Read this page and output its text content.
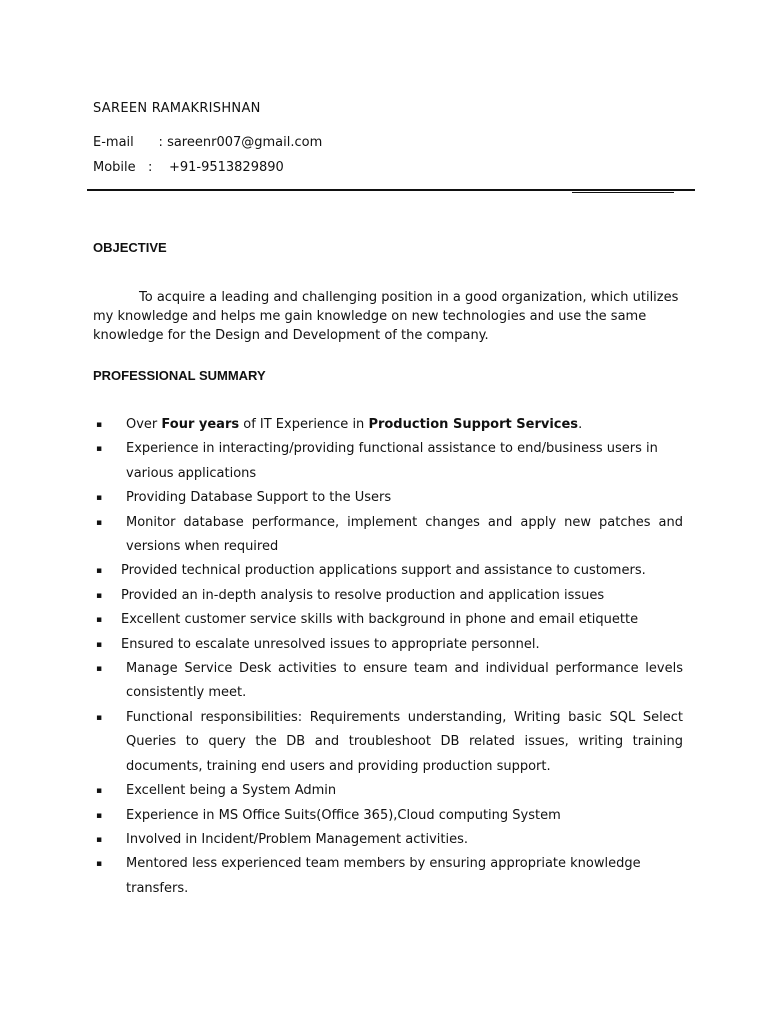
SAREEN RAMAKRISHNAN
E-mail      : sareenr007@gmail.com
Mobile   :    +91-9513829890
OBJECTIVE

To acquire a leading and challenging position in a good organization, which utilizes my knowledge and helps me gain knowledge on new technologies and use the same knowledge for the Design and Development of the company.

PROFESSIONAL SUMMARY
▪ Over Four years of IT Experience in Production Support Services.
▪ Experience in interacting/providing functional assistance to end/business users in various applications
▪ Providing Database Support to the Users
▪ Monitor database performance, implement changes and apply new patches and versions when required
▪ Provided technical production applications support and assistance to customers.
▪ Provided an in-depth analysis to resolve production and application issues
▪ Excellent customer service skills with background in phone and email etiquette
▪ Ensured to escalate unresolved issues to appropriate personnel.
▪ Manage Service Desk activities to ensure team and individual performance levels consistently meet.
▪ Functional responsibilities: Requirements understanding, Writing basic SQL Select Queries to query the DB and troubleshoot DB related issues, writing training documents, training end users and providing production support.
▪ Excellent being a System Admin
▪ Experience in MS Office Suits(Office 365),Cloud computing System
▪ Involved in Incident/Problem Management activities.
▪ Mentored less experienced team members by ensuring appropriate knowledge transfers.
